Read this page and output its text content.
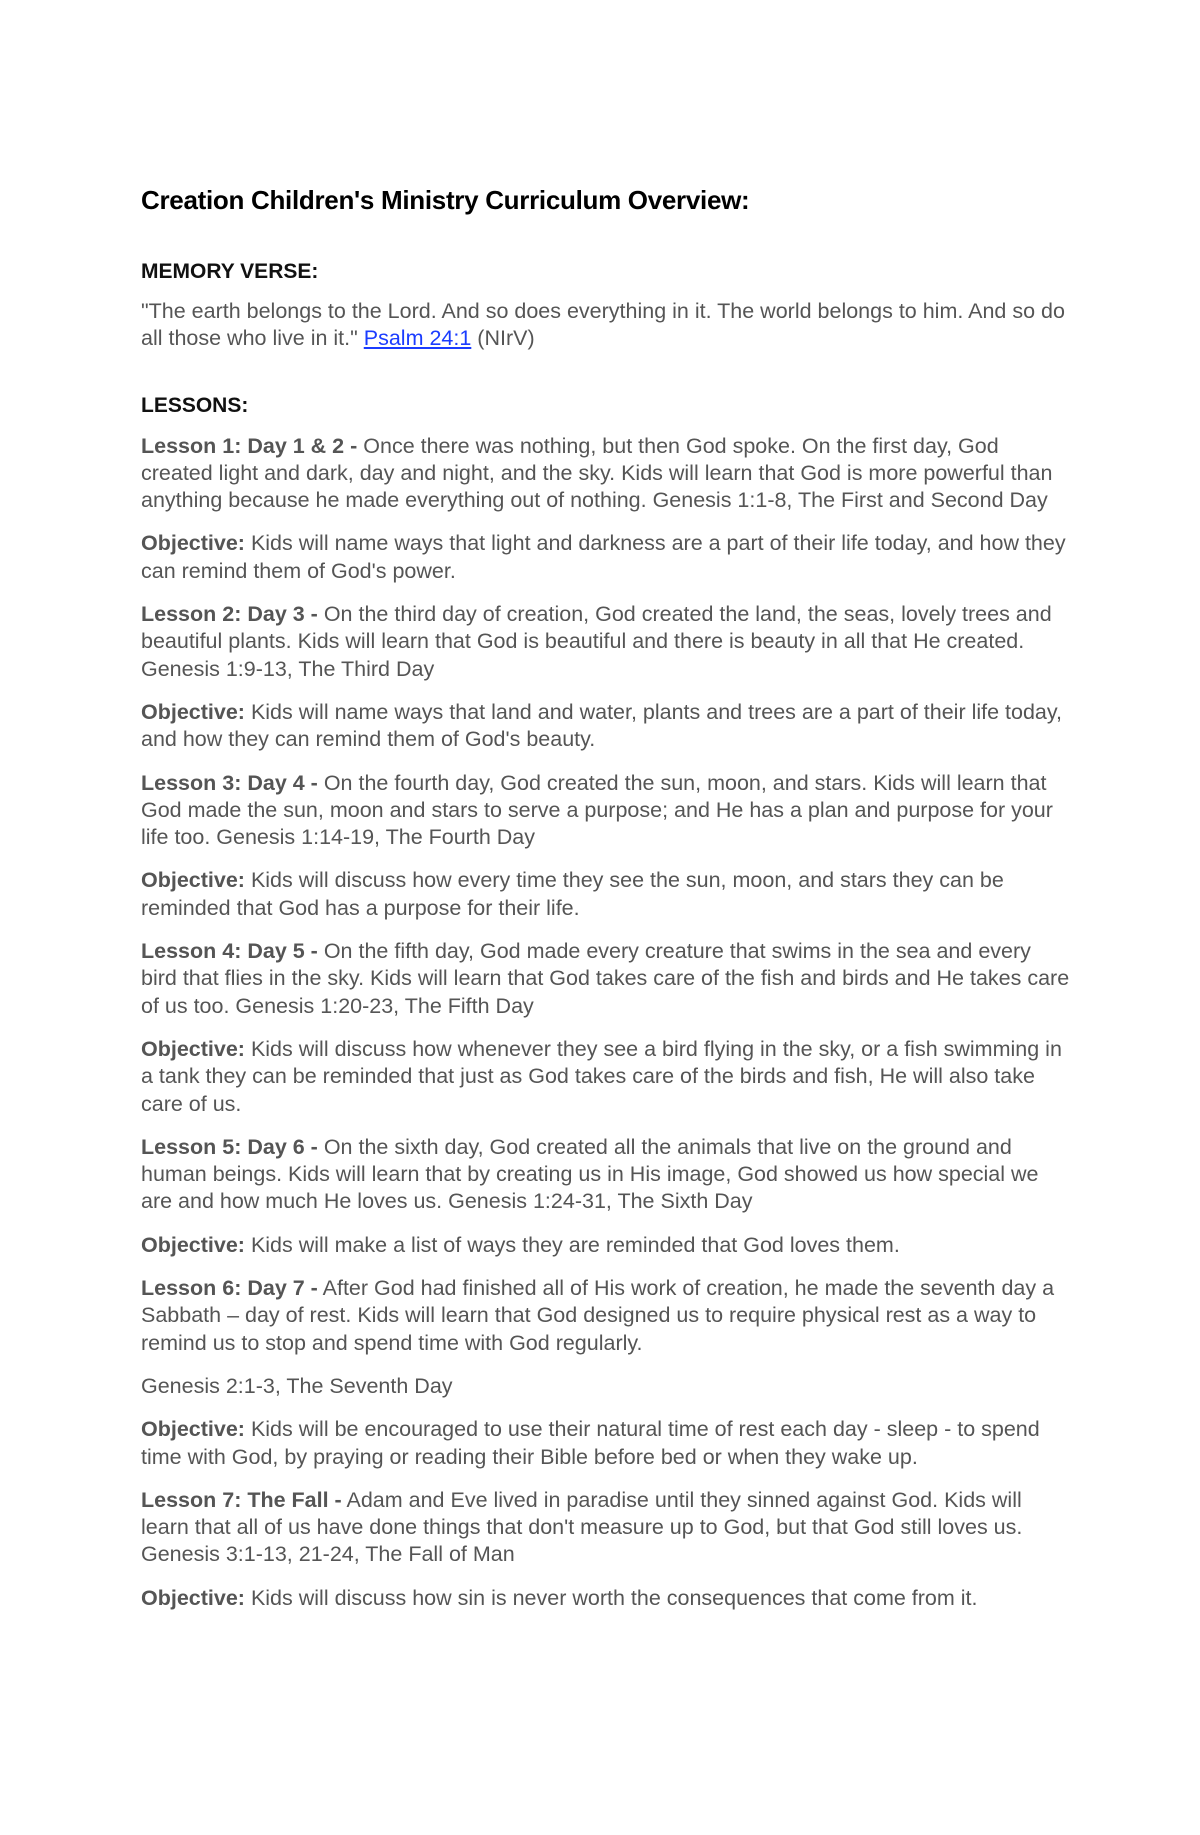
Creation Children's Ministry Curriculum Overview:
MEMORY VERSE:

"The earth belongs to the Lord. And so does everything in it. The world belongs to him. And so do all those who live in it." Psalm 24:1 (NIrV)

LESSONS:

Lesson 1: Day 1 & 2 - Once there was nothing, but then God spoke. On the first day, God created light and dark, day and night, and the sky. Kids will learn that God is more powerful than anything because he made everything out of nothing. Genesis 1:1-8, The First and Second Day

Objective: Kids will name ways that light and darkness are a part of their life today, and how they can remind them of God's power.

Lesson 2: Day 3 - On the third day of creation, God created the land, the seas, lovely trees and beautiful plants. Kids will learn that God is beautiful and there is beauty in all that He created. Genesis 1:9-13, The Third Day

Objective: Kids will name ways that land and water, plants and trees are a part of their life today, and how they can remind them of God's beauty.

Lesson 3: Day 4 - On the fourth day, God created the sun, moon, and stars. Kids will learn that God made the sun, moon and stars to serve a purpose; and He has a plan and purpose for your life too. Genesis 1:14-19, The Fourth Day

Objective: Kids will discuss how every time they see the sun, moon, and stars they can be reminded that God has a purpose for their life.

Lesson 4: Day 5 - On the fifth day, God made every creature that swims in the sea and every bird that flies in the sky. Kids will learn that God takes care of the fish and birds and He takes care of us too. Genesis 1:20-23, The Fifth Day

Objective: Kids will discuss how whenever they see a bird flying in the sky, or a fish swimming in a tank they can be reminded that just as God takes care of the birds and fish, He will also take care of us.

Lesson 5: Day 6 - On the sixth day, God created all the animals that live on the ground and human beings. Kids will learn that by creating us in His image, God showed us how special we are and how much He loves us. Genesis 1:24-31, The Sixth Day

Objective: Kids will make a list of ways they are reminded that God loves them.

Lesson 6: Day 7 - After God had finished all of His work of creation, he made the seventh day a Sabbath – day of rest. Kids will learn that God designed us to require physical rest as a way to remind us to stop and spend time with God regularly.

Genesis 2:1-3, The Seventh Day

Objective: Kids will be encouraged to use their natural time of rest each day - sleep - to spend time with God, by praying or reading their Bible before bed or when they wake up.

Lesson 7: The Fall - Adam and Eve lived in paradise until they sinned against God. Kids will learn that all of us have done things that don't measure up to God, but that God still loves us. Genesis 3:1-13, 21-24, The Fall of Man

Objective: Kids will discuss how sin is never worth the consequences that come from it.
